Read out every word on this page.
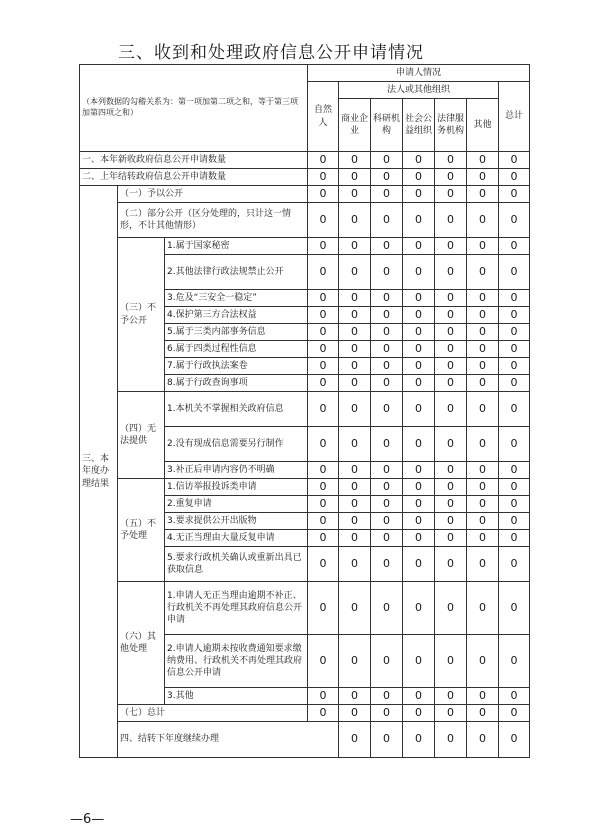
三、收到和处理政府信息公开申请情况
（本列数据的勾稽关系为：第一项加第二项之和，等于第三项加第四项之和）			申请人情况							
			自然人	法人或其他组织					总计	
				商业企业	科研机构	社会公益组织	法律服务机构	其他		
一、本年新收政府信息公开申请数量			0	0	0	0	0	0	0	
二、上年结转政府信息公开申请数量			0	0	0	0	0	0	0	
三、本年度办理结果	（一）予以公开		0	0	0	0	0	0	0	
	（二）部分公开（区分处理的，只计这一情形，不计其他情形）		0	0	0	0	0	0	0	
	（三）不予公开	1.属于国家秘密	0	0	0	0	0	0	0	
		2.其他法律行政法规禁止公开	0	0	0	0	0	0	0	
		3.危及“三安全一稳定”	0	0	0	0	0	0	0	
		4.保护第三方合法权益	0	0	0	0	0	0	0	
		5.属于三类内部事务信息	0	0	0	0	0	0	0	
		6.属于四类过程性信息	0	0	0	0	0	0	0	
		7.属于行政执法案卷	0	0	0	0	0	0	0	
		8.属于行政查询事项	0	0	0	0	0	0	0	
	（四）无法提供	1.本机关不掌握相关政府信息	0	0	0	0	0	0	0	
		2.没有现成信息需要另行制作	0	0	0	0	0	0	0	
		3.补正后申请内容仍不明确	0	0	0	0	0	0	0	
	（五）不予处理	1.信访举报投诉类申请	0	0	0	0	0	0	0	
		2.重复申请	0	0	0	0	0	0	0	
		3.要求提供公开出版物	0	0	0	0	0	0	0	
		4.无正当理由大量反复申请	0	0	0	0	0	0	0	
		5.要求行政机关确认或重新出具已获取信息	0	0	0	0	0	0	0	
	（六）其他处理	1.申请人无正当理由逾期不补正、行政机关不再处理其政府信息公开申请	0	0	0	0	0	0	0	
		2.申请人逾期未按收费通知要求缴纳费用、行政机关不再处理其政府信息公开申请	0	0	0	0	0	0	0	
		3.其他	0	0	0	0	0	0	0	
	（七）总计		0	0	0	0	0	0	0	
	四、结转下年度继续办理			0	0	0	0	0	0	
—6—
